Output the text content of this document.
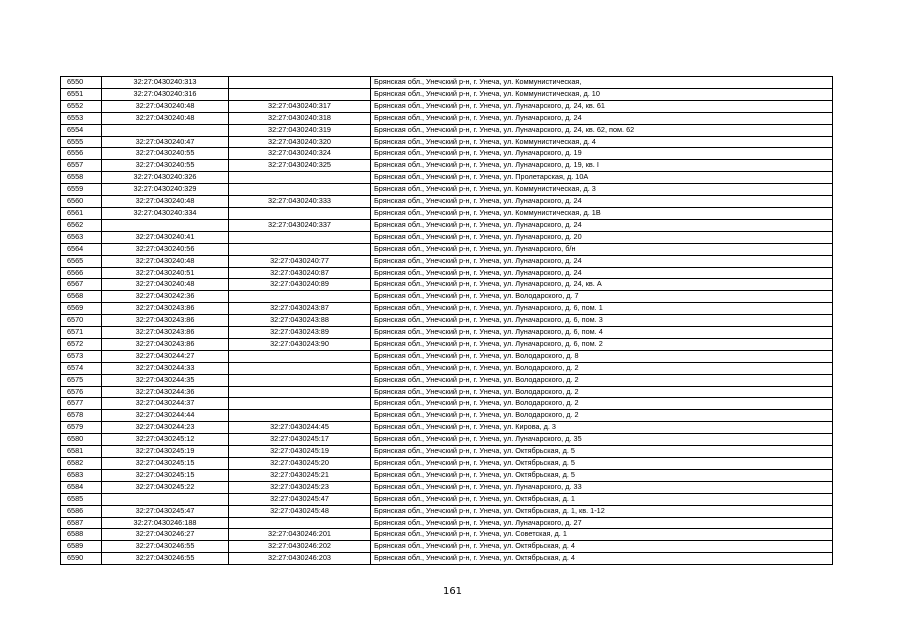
6550	32:27:0430240:313		Брянская обл., Унечский р-н, г. Унеча, ул. Коммунистическая,
6551	32:27:0430240:316		Брянская обл., Унечский р-н, г. Унеча, ул. Коммунистическая, д. 10
6552	32:27:0430240:48	32:27:0430240:317	Брянская обл., Унечский р-н, г. Унеча, ул. Луначарского, д. 24, кв. 61
6553	32:27:0430240:48	32:27:0430240:318	Брянская обл., Унечский р-н, г. Унеча, ул. Луначарского, д. 24
6554		32:27:0430240:319	Брянская обл., Унечский р-н, г. Унеча, ул. Луначарского, д. 24, кв. 62, пом. 62
6555	32:27:0430240:47	32:27:0430240:320	Брянская обл., Унечский р-н, г. Унеча, ул. Коммунистическая, д. 4
6556	32:27:0430240:55	32:27:0430240:324	Брянская обл., Унечский р-н, г. Унеча, ул. Луначарского, д. 19
6557	32:27:0430240:55	32:27:0430240:325	Брянская обл., Унечский р-н, г. Унеча, ул. Луначарского, д. 19, кв. I
6558	32:27:0430240:326		Брянская обл., Унечский р-н, г. Унеча, ул. Пролетарская, д. 10А
6559	32:27:0430240:329		Брянская обл., Унечский р-н, г. Унеча, ул. Коммунистическая, д. 3
6560	32:27:0430240:48	32:27:0430240:333	Брянская обл., Унечский р-н, г. Унеча, ул. Луначарского, д. 24
6561	32:27:0430240:334		Брянская обл., Унечский р-н, г. Унеча, ул. Коммунистическая, д. 1В
6562		32:27:0430240:337	Брянская обл., Унечский р-н, г. Унеча, ул. Луначарского, д. 24
6563	32:27:0430240:41		Брянская обл., Унечский р-н, г. Унеча, ул. Луначарского, д. 20
6564	32:27:0430240:56		Брянская обл., Унечский р-н, г. Унеча, ул. Луначарского, б/н
6565	32:27:0430240:48	32:27:0430240:77	Брянская обл., Унечский р-н, г. Унеча, ул. Луначарского, д. 24
6566	32:27:0430240:51	32:27:0430240:87	Брянская обл., Унечский р-н, г. Унеча, ул. Луначарского, д. 24
6567	32:27:0430240:48	32:27:0430240:89	Брянская обл., Унечский р-н, г. Унеча, ул. Луначарского, д. 24, кв. А
6568	32:27:0430242:36		Брянская обл., Унечский р-н, г. Унеча, ул. Володарского, д. 7
6569	32:27:0430243:86	32:27:0430243:87	Брянская обл., Унечский р-н, г. Унеча, ул. Луначарского, д. 6, пом. 1
6570	32:27:0430243:86	32:27:0430243:88	Брянская обл., Унечский р-н, г. Унеча, ул. Луначарского, д. 6, пом. 3
6571	32:27:0430243:86	32:27:0430243:89	Брянская обл., Унечский р-н, г. Унеча, ул. Луначарского, д. 6, пом. 4
6572	32:27:0430243:86	32:27:0430243:90	Брянская обл., Унечский р-н, г. Унеча, ул. Луначарского, д. 6, пом. 2
6573	32:27:0430244:27		Брянская обл., Унечский р-н, г. Унеча, ул. Володарского, д. 8
6574	32:27:0430244:33		Брянская обл., Унечский р-н, г. Унеча, ул. Володарского, д. 2
6575	32:27:0430244:35		Брянская обл., Унечский р-н, г. Унеча, ул. Володарского, д. 2
6576	32:27:0430244:36		Брянская обл., Унечский р-н, г. Унеча, ул. Володарского, д. 2
6577	32:27:0430244:37		Брянская обл., Унечский р-н, г. Унеча, ул. Володарского, д. 2
6578	32:27:0430244:44		Брянская обл., Унечский р-н, г. Унеча, ул. Володарского, д. 2
6579	32:27:0430244:23	32:27:0430244:45	Брянская обл., Унечский р-н, г. Унеча, ул. Кирова, д. 3
6580	32:27:0430245:12	32:27:0430245:17	Брянская обл., Унечский р-н, г. Унеча, ул. Луначарского, д. 35
6581	32:27:0430245:19	32:27:0430245:19	Брянская обл., Унечский р-н, г. Унеча, ул. Октябрьская, д. 5
6582	32:27:0430245:15	32:27:0430245:20	Брянская обл., Унечский р-н, г. Унеча, ул. Октябрьская, д. 5
6583	32:27:0430245:15	32:27:0430245:21	Брянская обл., Унечский р-н, г. Унеча, ул. Октябрьская, д. 5
6584	32:27:0430245:22	32:27:0430245:23	Брянская обл., Унечский р-н, г. Унеча, ул. Луначарского, д. 33
6585		32:27:0430245:47	Брянская обл., Унечский р-н, г. Унеча, ул. Октябрьская, д. 1
6586	32:27:0430245:47	32:27:0430245:48	Брянская обл., Унечский р-н, г. Унеча, ул. Октябрьская, д. 1, кв. 1-12
6587	32:27:0430246:188		Брянская обл., Унечский р-н, г. Унеча, ул. Луначарского, д. 27
6588	32:27:0430246:27	32:27:0430246:201	Брянская обл., Унечский р-н, г. Унеча, ул. Советская, д. 1
6589	32:27:0430246:55	32:27:0430246:202	Брянская обл., Унечский р-н, г. Унеча, ул. Октябрьская, д. 4
6590	32:27:0430246:55	32:27:0430246:203	Брянская обл., Унечский р-н, г. Унеча, ул. Октябрьская, д. 4
161
